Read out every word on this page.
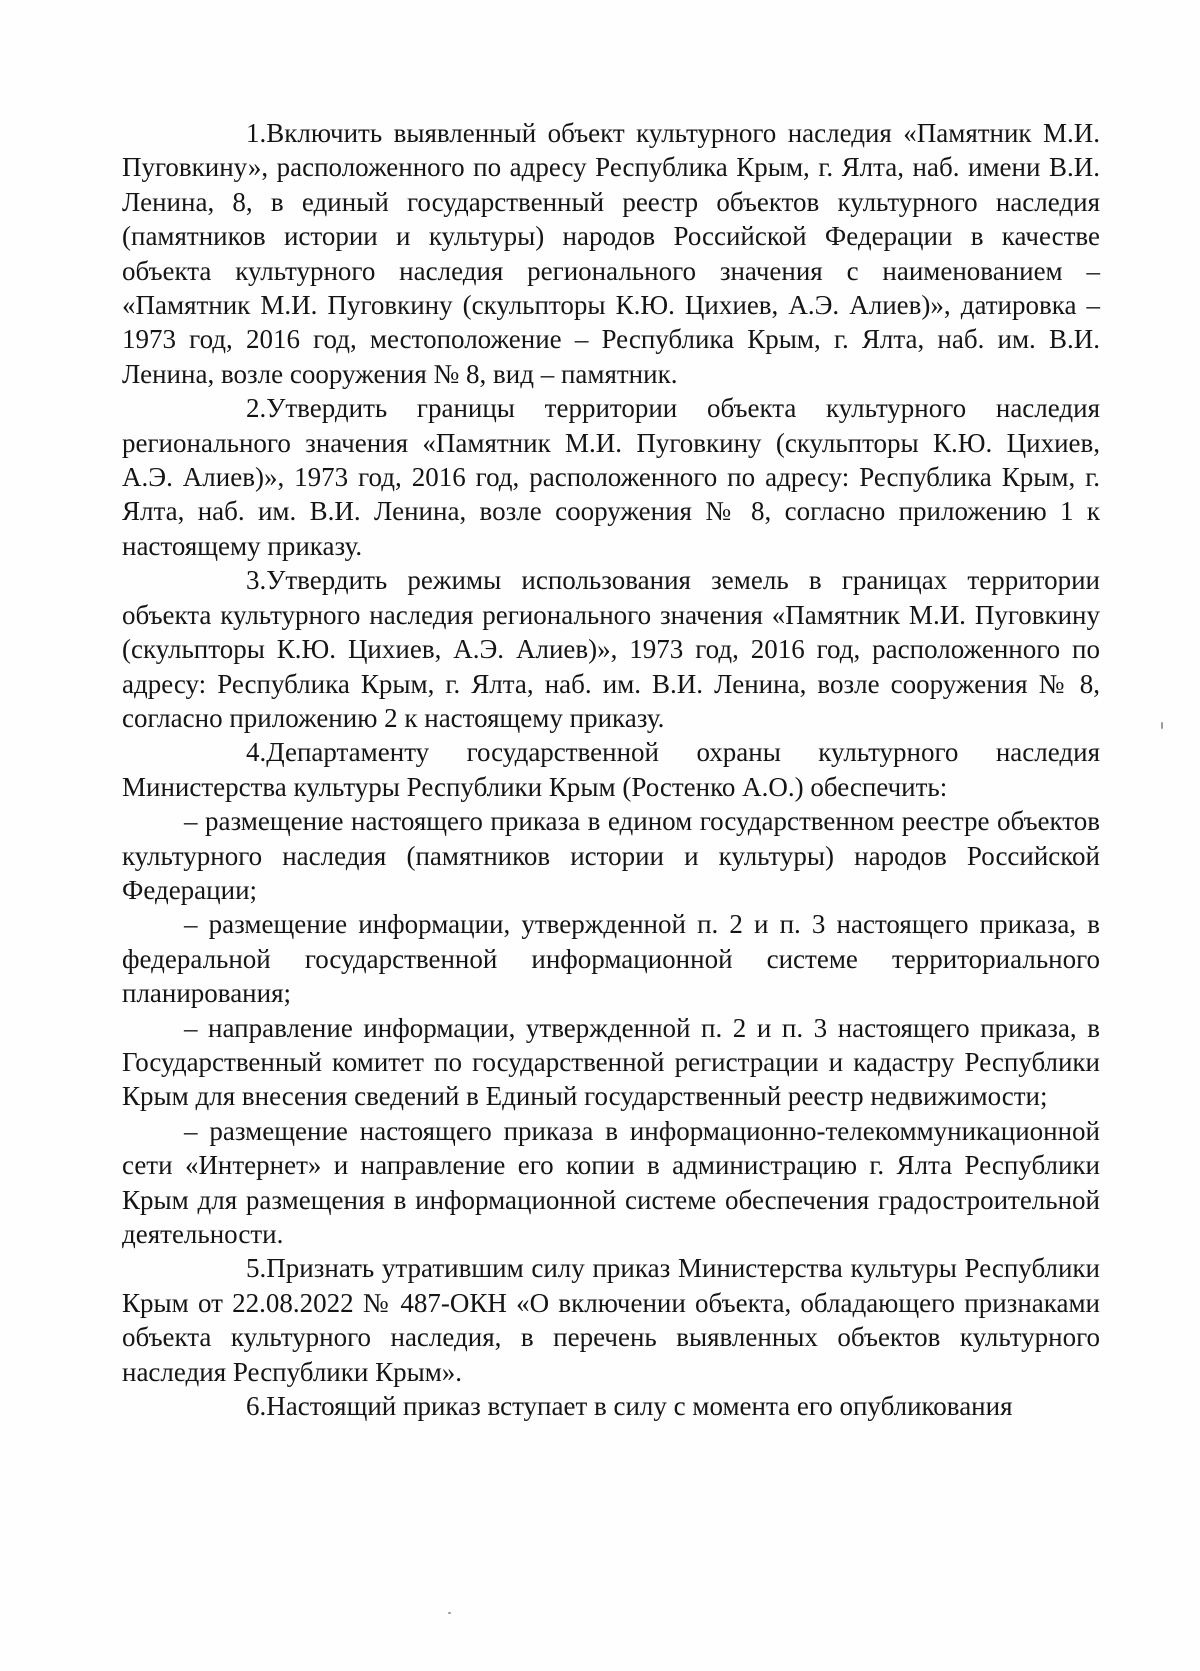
1.Включить выявленный объект культурного наследия «Памятник М.И. Пуговкину», расположенного по адресу Республика Крым, г. Ялта, наб. имени В.И. Ленина, 8, в единый государственный реестр объектов культурного наследия (памятников истории и культуры) народов Российской Федерации в качестве объекта культурного наследия регионального значения с наименованием – «Памятник М.И. Пуговкину (скульпторы К.Ю. Цихиев, А.Э. Алиев)», датировка – 1973 год, 2016 год, местоположение – Республика Крым, г. Ялта, наб. им. В.И. Ленина, возле сооружения № 8, вид – памятник.

2.Утвердить границы территории объекта культурного наследия регионального значения «Памятник М.И. Пуговкину (скульпторы К.Ю. Цихиев, А.Э. Алиев)», 1973 год, 2016 год, расположенного по адресу: Республика Крым, г. Ялта, наб. им. В.И. Ленина, возле сооружения № 8, согласно приложению 1 к настоящему приказу.

3.Утвердить режимы использования земель в границах территории объекта культурного наследия регионального значения «Памятник М.И. Пуговкину (скульпторы К.Ю. Цихиев, А.Э. Алиев)», 1973 год, 2016 год, расположенного по адресу: Республика Крым, г. Ялта, наб. им. В.И. Ленина, возле сооружения № 8, согласно приложению 2 к настоящему приказу.

4.Департаменту государственной охраны культурного наследия Министерства культуры Республики Крым (Ростенко А.О.) обеспечить:

– размещение настоящего приказа в едином государственном реестре объектов культурного наследия (памятников истории и культуры) народов Российской Федерации;

– размещение информации, утвержденной п. 2 и п. 3 настоящего приказа, в федеральной государственной информационной системе территориального планирования;

– направление информации, утвержденной п. 2 и п. 3 настоящего приказа, в Государственный комитет по государственной регистрации и кадастру Республики Крым для внесения сведений в Единый государственный реестр недвижимости;

– размещение настоящего приказа в информационно-телекоммуникационной сети «Интернет» и направление его копии в администрацию г. Ялта Республики Крым для размещения в информационной системе обеспечения градостроительной деятельности.

5.Признать утратившим силу приказ Министерства культуры Республики Крым от 22.08.2022 № 487-ОКН «О включении объекта, обладающего признаками объекта культурного наследия, в перечень выявленных объектов культурного наследия Республики Крым».

6.Настоящий приказ вступает в силу с момента его опубликования
